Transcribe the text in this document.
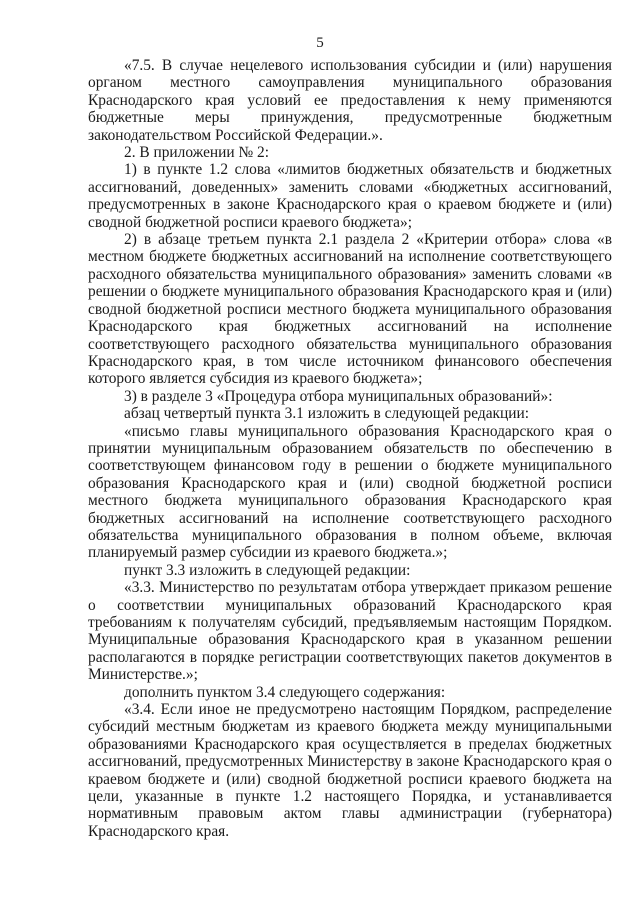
5

«7.5. В случае нецелевого использования субсидии и (или) нарушения органом местного самоуправления муниципального образования Краснодарского края условий ее предоставления к нему применяются бюджетные меры принуждения, предусмотренные бюджетным законодательством Российской Федерации.».

2. В приложении № 2:

1) в пункте 1.2 слова «лимитов бюджетных обязательств и бюджетных ассигнований, доведенных» заменить словами «бюджетных ассигнований, предусмотренных в законе Краснодарского края о краевом бюджете и (или) сводной бюджетной росписи краевого бюджета»;

2) в абзаце третьем пункта 2.1 раздела 2 «Критерии отбора» слова «в местном бюджете бюджетных ассигнований на исполнение соответствующего расходного обязательства муниципального образования» заменить словами «в решении о бюджете муниципального образования Краснодарского края и (или) сводной бюджетной росписи местного бюджета муниципального образования Краснодарского края бюджетных ассигнований на исполнение соответствующего расходного обязательства муниципального образования Краснодарского края, в том числе источником финансового обеспечения которого является субсидия из краевого бюджета»;

3) в разделе 3 «Процедура отбора муниципальных образований»:

абзац четвертый пункта 3.1 изложить в следующей редакции:

«письмо главы муниципального образования Краснодарского края о принятии муниципальным образованием обязательств по обеспечению в соответствующем финансовом году в решении о бюджете муниципального образования Краснодарского края и (или) сводной бюджетной росписи местного бюджета муниципального образования Краснодарского края бюджетных ассигнований на исполнение соответствующего расходного обязательства муниципального образования в полном объеме, включая планируемый размер субсидии из краевого бюджета.»;

пункт 3.3 изложить в следующей редакции:

«3.3. Министерство по результатам отбора утверждает приказом решение о соответствии муниципальных образований Краснодарского края требованиям к получателям субсидий, предъявляемым настоящим Порядком. Муниципальные образования Краснодарского края в указанном решении располагаются в порядке регистрации соответствующих пакетов документов в Министерстве.»;

дополнить пунктом 3.4 следующего содержания:

«3.4. Если иное не предусмотрено настоящим Порядком, распределение субсидий местным бюджетам из краевого бюджета между муниципальными образованиями Краснодарского края осуществляется в пределах бюджетных ассигнований, предусмотренных Министерству в законе Краснодарского края о краевом бюджете и (или) сводной бюджетной росписи краевого бюджета на цели, указанные в пункте 1.2 настоящего Порядка, и устанавливается нормативным правовым актом главы администрации (губернатора) Краснодарского края.
